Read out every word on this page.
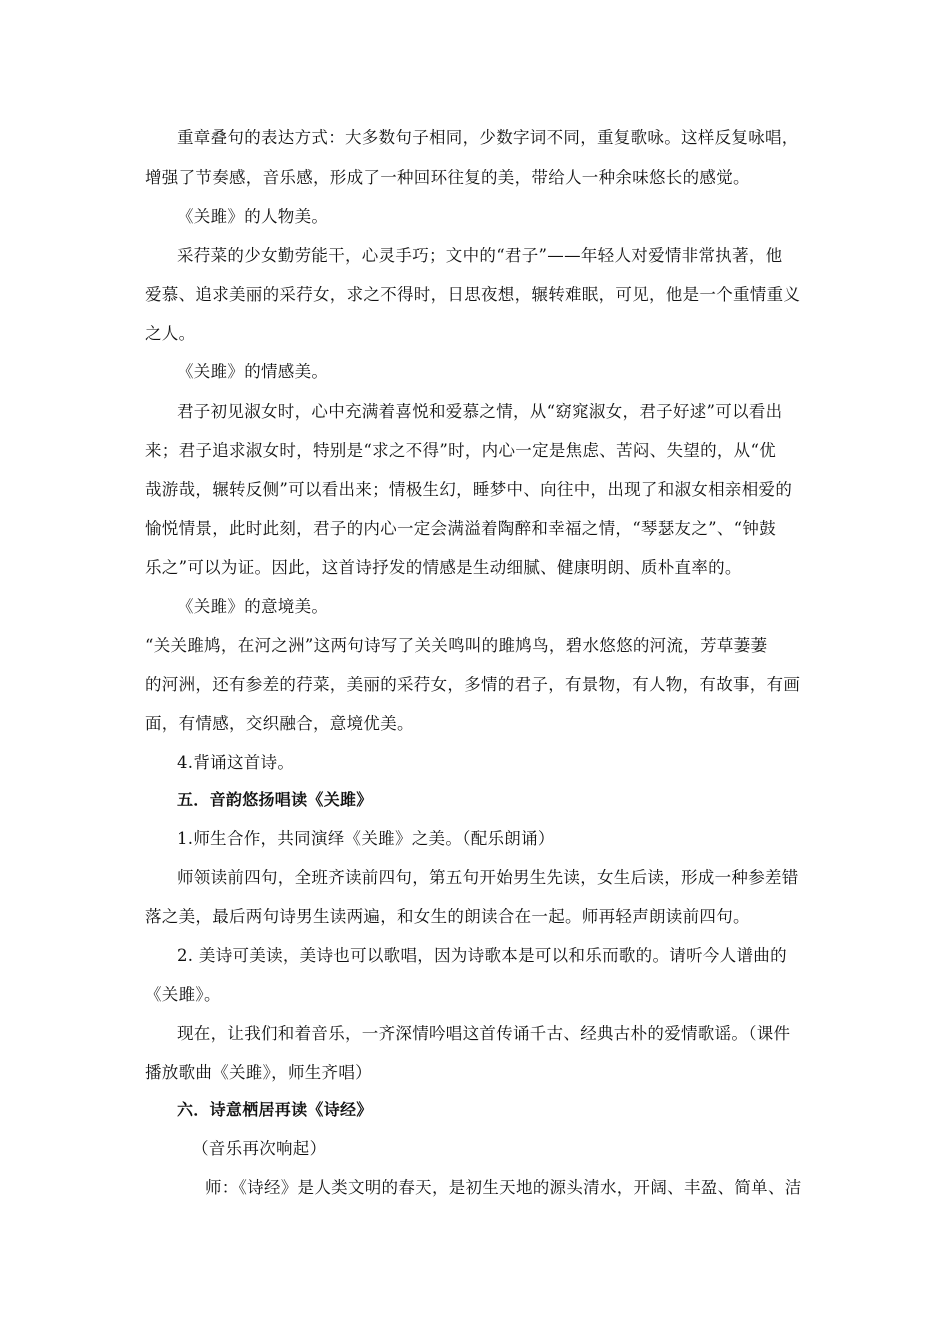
重章叠句的表达方式：大多数句子相同，少数字词不同，重复歌咏。这样反复咏唱，
增强了节奏感，音乐感，形成了一种回环往复的美，带给人一种余味悠长的感觉。
《关雎》的人物美。
采荇菜的少女勤劳能干，心灵手巧；文中的“君子”——年轻人对爱情非常执著，他
爱慕、追求美丽的采荇女，求之不得时，日思夜想，辗转难眠，可见，他是一个重情重义
之人。
《关雎》的情感美。
君子初见淑女时，心中充满着喜悦和爱慕之情，从“窈窕淑女，君子好逑”可以看出
来；君子追求淑女时，特别是“求之不得”时，内心一定是焦虑、苦闷、失望的，从“优
哉游哉，辗转反侧”可以看出来；情极生幻，睡梦中、向往中，出现了和淑女相亲相爱的
愉悦情景，此时此刻，君子的内心一定会满溢着陶醉和幸福之情，“琴瑟友之”、“钟鼓
乐之”可以为证。因此，这首诗抒发的情感是生动细腻、健康明朗、质朴直率的。
《关雎》的意境美。
“关关雎鸠，在河之洲”这两句诗写了关关鸣叫的雎鸠鸟，碧水悠悠的河流，芳草萋萋
的河洲，还有参差的荇菜，美丽的采荇女，多情的君子，有景物，有人物，有故事，有画
面，有情感，交织融合，意境优美。
4.背诵这首诗。
五．音韵悠扬唱读《关雎》
1.师生合作，共同演绎《关雎》之美。（配乐朗诵）
师领读前四句，全班齐读前四句，第五句开始男生先读，女生后读，形成一种参差错
落之美，最后两句诗男生读两遍，和女生的朗读合在一起。师再轻声朗读前四句。
2. 美诗可美读，美诗也可以歌唱，因为诗歌本是可以和乐而歌的。请听今人谱曲的
《关雎》。
现在，让我们和着音乐，一齐深情吟唱这首传诵千古、经典古朴的爱情歌谣。（课件
播放歌曲《关雎》，师生齐唱）
六．诗意栖居再读《诗经》
（音乐再次响起）
师：《诗经》是人类文明的春天，是初生天地的源头清水，开阔、丰盈、简单、洁
